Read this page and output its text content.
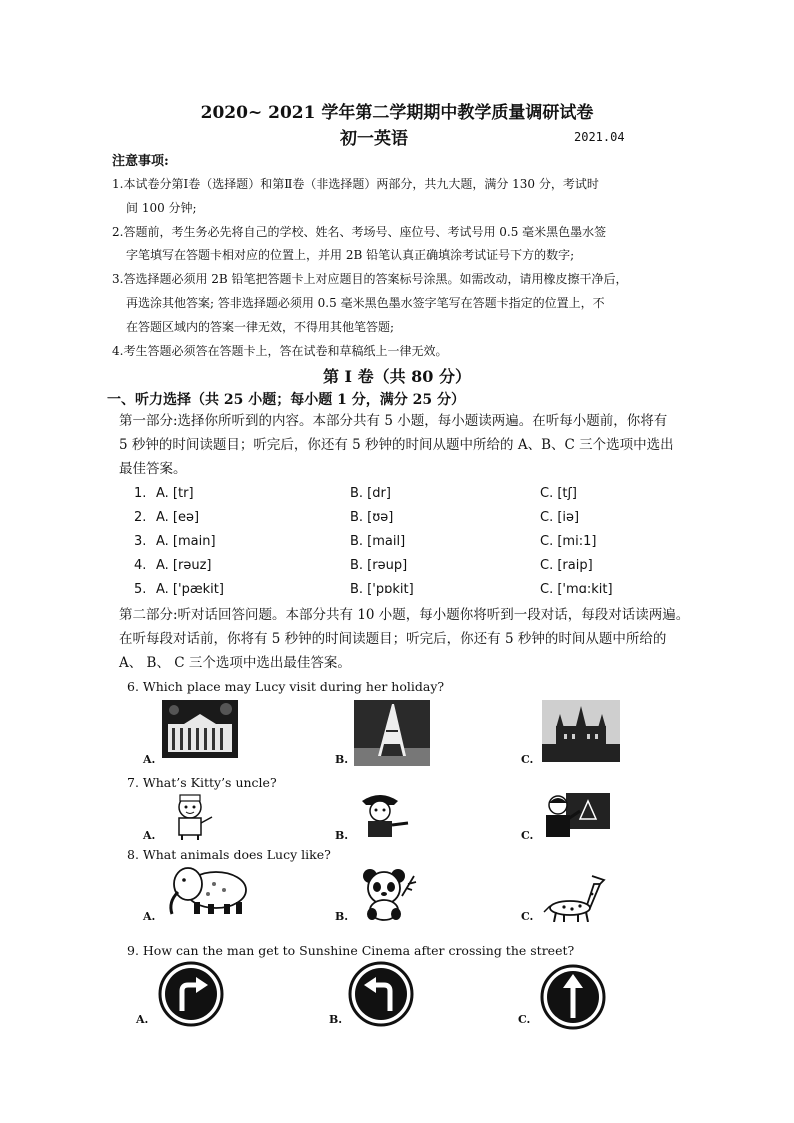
2020~ 2021 学年第二学期期中教学质量调研试卷
初一英语	2021.04
注意事项:
1.本试卷分第Ⅰ卷（选择题）和第Ⅱ卷（非选择题）两部分，共九大题，满分 130 分，考试时
间 100 分钟;
2.答题前，考生务必先将自己的学校、姓名、考场号、座位号、考试号用 0.5 毫米黑色墨水签
字笔填写在答题卡相对应的位置上，并用 2B 铅笔认真正确填涂考试证号下方的数字;
3.答选择题必须用 2B 铅笔把答题卡上对应题目的答案标号涂黑。如需改动，请用橡皮擦干净后，
再选涂其他答案; 答非选择题必须用 0.5 毫米黑色墨水签字笔写在答题卡指定的位置上，不
在答题区域内的答案一律无效，不得用其他笔答题;
4.考生答题必须答在答题卡上，答在试卷和草稿纸上一律无效。
第 I 卷（共 80 分）
一、听力选择（共 25 小题；每小题 1 分，满分 25 分）
第一部分:选择你所听到的内容。本部分共有 5 小题，每小题读两遍。在听每小题前，你将有
5 秒钟的时间读题目；听完后，你还有 5 秒钟的时间从题中所给的 A、B、C 三个选项中选出
最佳答案。
1. A. [tr]	B. [dr]	C. [tʃ]
2. A. [eə]	B. [ʊə]	C. [iə]
3. A. [main]	B. [mail]	C. [mi:1]
4. A. [rəuz]	B. [rəup]	C. [raip]
5. A. ['pækit]	B. ['pɒkit]	C. ['mɑ:kit]
第二部分:听对话回答问题。本部分共有 10 小题，每小题你将听到一段对话，每段对话读两遍。
在听每段对话前，你将有 5 秒钟的时间读题目；听完后，你还有 5 秒钟的时间从题中所给的
A、 B、 C 三个选项中选出最佳答案。
6. Which place may Lucy visit during her holiday?
A.	B.	C.
7. What’s Kitty’s uncle?
A.	B.	C.
8. What animals does Lucy like?
A.	B.	C.
9. How can the man get to Sunshine Cinema after crossing the street?
A.	B.	C.
